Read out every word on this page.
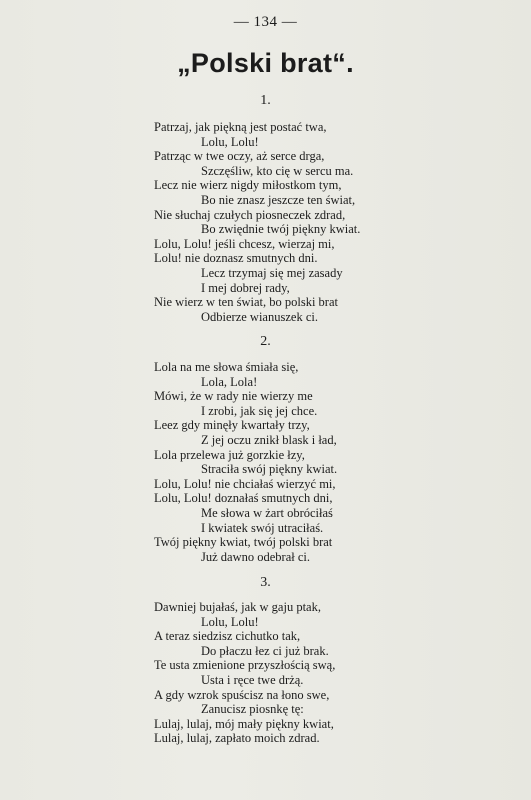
— 134 —
„Polski brat“.
1.
Patrzaj, jak piękną jest postać twa,
Lolu, Lolu!
Patrząc w twe oczy, aż serce drga,
Szczęśliw, kto cię w sercu ma.
Lecz nie wierz nigdy miłostkom tym,
Bo nie znasz jeszcze ten świat,
Nie słuchaj czułych piosneczek zdrad,
Bo zwiędnie twój piękny kwiat.
Lolu, Lolu! jeśli chcesz, wierzaj mi,
Lolu! nie doznasz smutnych dni.
Lecz trzymaj się mej zasady
I mej dobrej rady,
Nie wierz w ten świat, bo polski brat
Odbierze wianuszek ci.
2.
Lola na me słowa śmiała się,
Lola, Lola!
Mówi, że w rady nie wierzy me
I zrobi, jak się jej chce.
Leez gdy minęły kwartały trzy,
Z jej oczu znikł blask i ład,
Lola przelewa już gorzkie łzy,
Straciła swój piękny kwiat.
Lolu, Lolu! nie chciałaś wierzyć mi,
Lolu, Lolu! doznałaś smutnych dni,
Me słowa w żart obróciłaś
I kwiatek swój utraciłaś.
Twój piękny kwiat, twój polski brat
Już dawno odebrał ci.
3.
Dawniej bujałaś, jak w gaju ptak,
Lolu, Lolu!
A teraz siedzisz cichutko tak,
Do płaczu łez ci już brak.
Te usta zmienione przyszłością swą,
Usta i ręce twe drżą.
A gdy wzrok spuścisz na łono swe,
Zanucisz piosnkę tę:
Lulaj, lulaj, mój mały piękny kwiat,
Lulaj, lulaj, zapłato moich zdrad.
